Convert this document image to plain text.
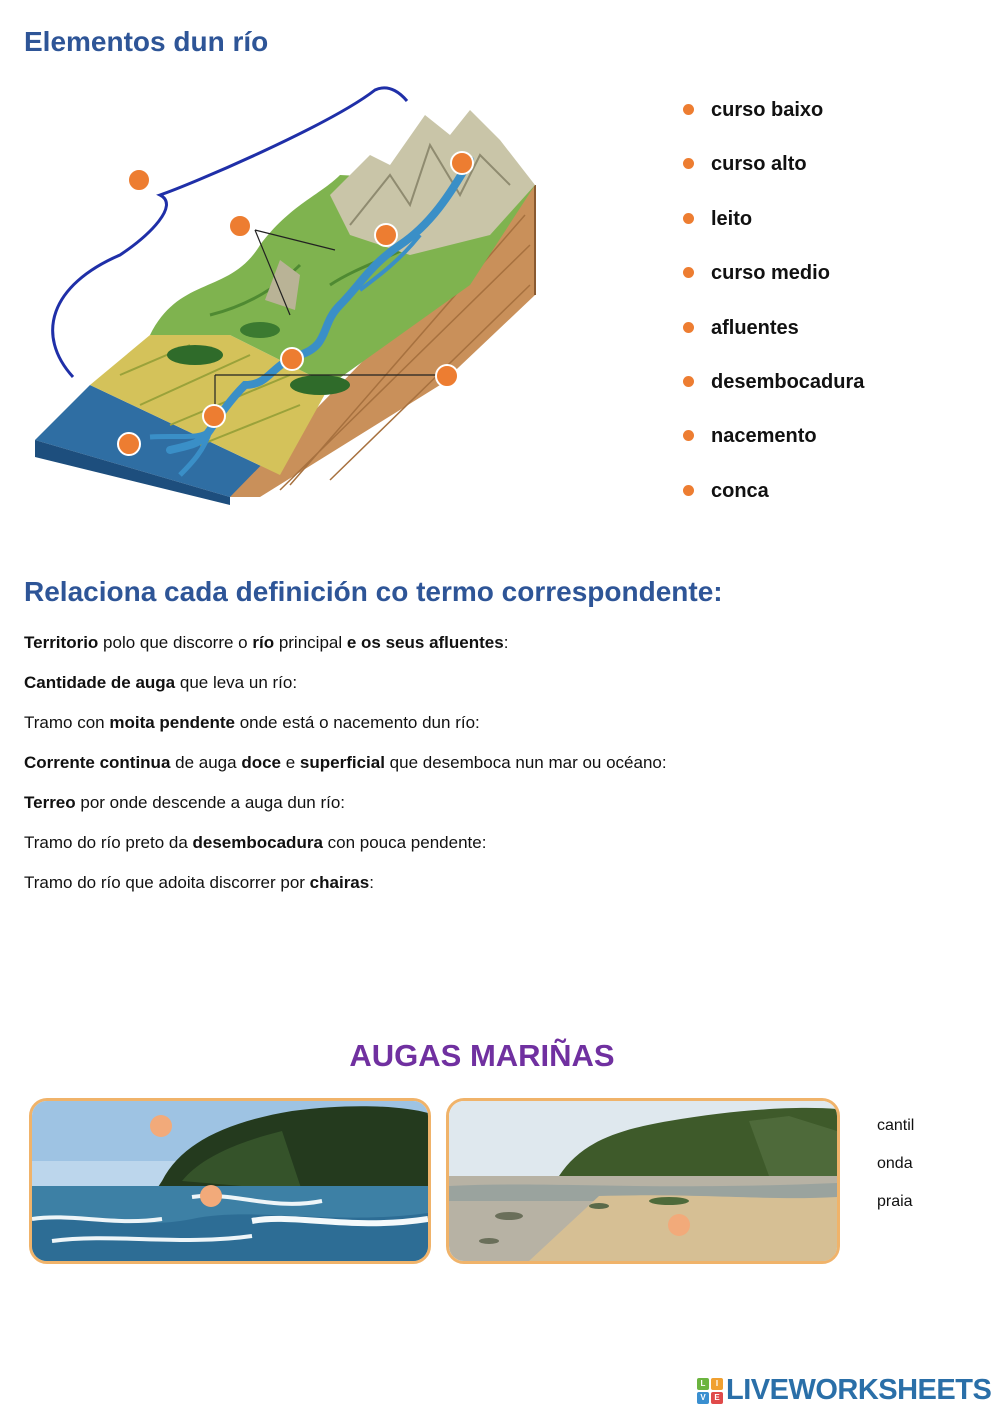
Elementos dun río
curso baixo
curso alto
leito
curso medio
afluentes
desembocadura
nacemento
conca
Relaciona cada definición co termo correspondente:
Territorio polo que discorre o río principal e os seus afluentes:
Cantidade de auga que leva un río:
Tramo con moita pendente onde está o nacemento dun río:
Corrente continua de auga doce e superficial que desemboca nun mar ou océano:
Terreo por onde descende a auga dun río:
Tramo do río preto da desembocadura con pouca pendente:
Tramo do río que adoita discorrer por chairas:
AUGAS MARIÑAS
cantil
onda
praia
L	I
V	E LIVEWORKSHEETS
